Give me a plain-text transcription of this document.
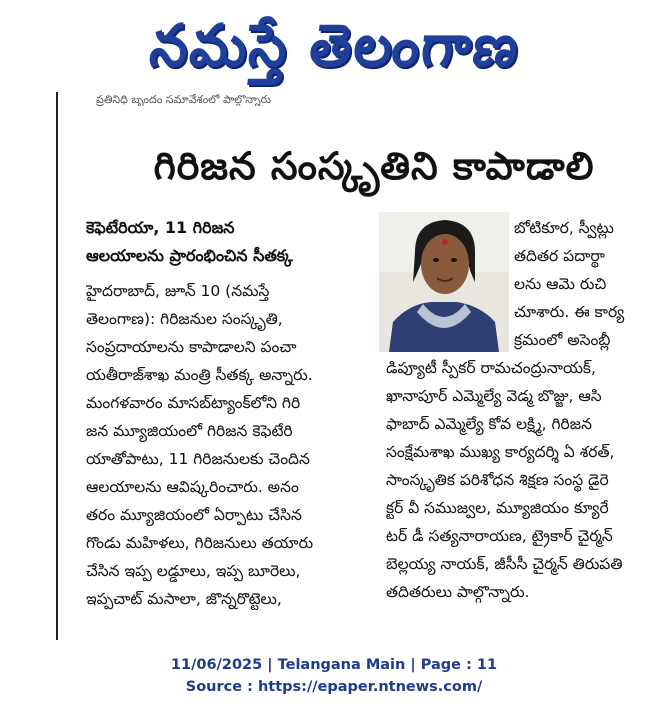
నమస్తే తెలంగాణ
ప్రతినిధి బృందం సమావేశంలో పాల్గొన్నారు
గిరిజన సంస్కృతిని కాపాడాలి
కెఫెటేరియా, 11 గిరిజన
ఆలయాలను ప్రారంభించిన సీతక్క
బోటికూర, స్వీట్లు
తదితర పదార్థా
లను ఆమె రుచి
చూశారు. ఈ కార్య
క్రమంలో అసెంబ్లీ
హైదరాబాద్, జూన్ 10 (నమస్తే
తెలంగాణ): గిరిజనుల సంస్కృతి,
సంప్రదాయాలను కాపాడాలని పంచా
యతీరాజ్‌శాఖ మంత్రి సీతక్క అన్నారు.
మంగళవారం మాసబ్‌ట్యాంక్‌లోని గిరి
జన మ్యూజియంలో గిరిజన కెఫెటేరి
యాతోపాటు, 11 గిరిజనులకు చెందిన
ఆలయాలను ఆవిష్కరించారు. అనం
తరం మ్యూజియంలో ఏర్పాటు చేసిన
గొండు మహిళలు, గిరిజనులు తయారు
చేసిన ఇప్ప లడ్డూలు, ఇప్ప బూరెలు,
ఇప్పచాట్ మసాలా, జొన్నరొట్టెలు,
డిప్యూటీ స్పీకర్ రామచంద్రునాయక్,
ఖానాపూర్ ఎమ్మెల్యే వెడ్మ బొజ్జు, ఆసి
ఫాబాద్ ఎమ్మెల్యే కోవ లక్ష్మి, గిరిజన
సంక్షేమశాఖ ముఖ్య కార్యదర్శి ఏ శరత్,
సాంస్కృతిక పరిశోధన శిక్షణ సంస్థ డైరె
క్టర్ వీ సముజ్వల, మ్యూజియం క్యూరే
టర్ డీ సత్యనారాయణ, ట్రైకార్ చైర్మన్
బెల్లయ్య నాయక్, జీసీసీ చైర్మన్ తిరుపతి
తదితరులు పాల్గొన్నారు.
11/06/2025 | Telangana Main | Page : 11
Source : https://epaper.ntnews.com/
